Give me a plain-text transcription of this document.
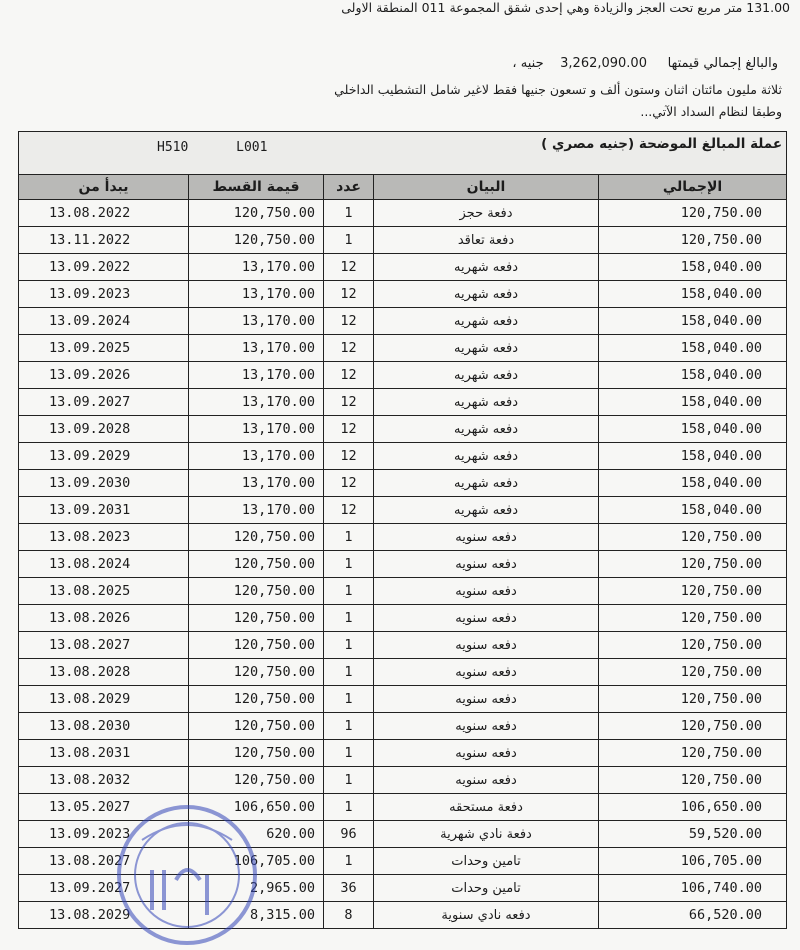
131.00 متر مربع تحت العجز والزيادة وهي إحدى شقق المجموعة 011 المنطقة الاولى
والبالغ إجمالي قيمتها     3,262,090.00    جنيه ،
ثلاثة مليون مائتان اثنان وستون ألف و تسعون جنيها فقط لاغير شامل التشطيب الداخلي
وطبقا لنظام السداد الآتي...
H510 L001 عملة المبالغ الموضحة (جنيه مصري )				

يبدأ من	قيمة القسط	عدد	البيان	الإجمالي
13.08.2022	120,750.00	1	دفعة حجز	120,750.00
13.11.2022	120,750.00	1	دفعة تعاقد	120,750.00
13.09.2022	13,170.00	12	دفعه شهريه	158,040.00
13.09.2023	13,170.00	12	دفعه شهريه	158,040.00
13.09.2024	13,170.00	12	دفعه شهريه	158,040.00
13.09.2025	13,170.00	12	دفعه شهريه	158,040.00
13.09.2026	13,170.00	12	دفعه شهريه	158,040.00
13.09.2027	13,170.00	12	دفعه شهريه	158,040.00
13.09.2028	13,170.00	12	دفعه شهريه	158,040.00
13.09.2029	13,170.00	12	دفعه شهريه	158,040.00
13.09.2030	13,170.00	12	دفعه شهريه	158,040.00
13.09.2031	13,170.00	12	دفعه شهريه	158,040.00
13.08.2023	120,750.00	1	دفعه سنويه	120,750.00
13.08.2024	120,750.00	1	دفعه سنويه	120,750.00
13.08.2025	120,750.00	1	دفعه سنويه	120,750.00
13.08.2026	120,750.00	1	دفعه سنويه	120,750.00
13.08.2027	120,750.00	1	دفعه سنويه	120,750.00
13.08.2028	120,750.00	1	دفعه سنويه	120,750.00
13.08.2029	120,750.00	1	دفعه سنويه	120,750.00
13.08.2030	120,750.00	1	دفعه سنويه	120,750.00
13.08.2031	120,750.00	1	دفعه سنويه	120,750.00
13.08.2032	120,750.00	1	دفعه سنويه	120,750.00
13.05.2027	106,650.00	1	دفعة مستحقه	106,650.00
13.09.2023	620.00	96	دفعة نادي شهرية	59,520.00
13.08.2027	106,705.00	1	تامين وحدات	106,705.00
13.09.2027	2,965.00	36	تامين وحدات	106,740.00
13.08.2029	8,315.00	8	دفعه نادي سنوية	66,520.00
